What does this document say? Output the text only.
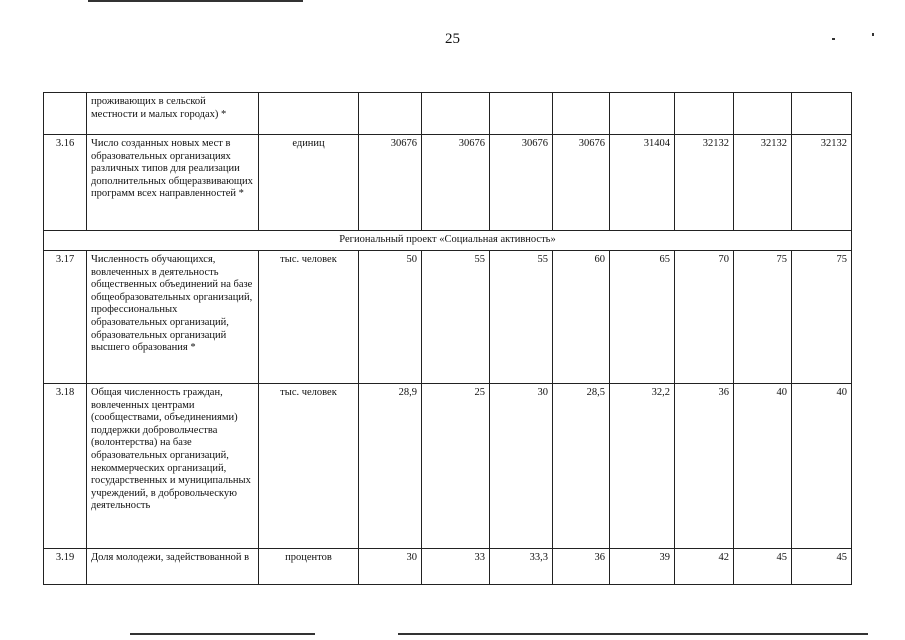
25
	проживающих в сельской местности и малых городах) *									
3.16	Число созданных новых мест в образовательных организациях различных типов для реализации дополнительных общеразвивающих программ всех направленностей *	единиц	30676	30676	30676	30676	31404	32132	32132	32132
Региональный проект «Социальная активность»										
3.17	Численность обучающихся, вовлеченных в деятельность общественных объединений на базе общеобразовательных организаций, профессиональных образовательных организаций, образовательных организаций высшего образования *	тыс. человек	50	55	55	60	65	70	75	75
3.18	Общая численность граждан, вовлеченных центрами (сообществами, объединениями) поддержки добровольчества (волонтерства) на базе образовательных организаций, некоммерческих организаций, государственных и муниципальных учреждений, в добровольческую деятельность	тыс. человек	28,9	25	30	28,5	32,2	36	40	40
3.19	Доля молодежи, задействованной в	процентов	30	33	33,3	36	39	42	45	45
